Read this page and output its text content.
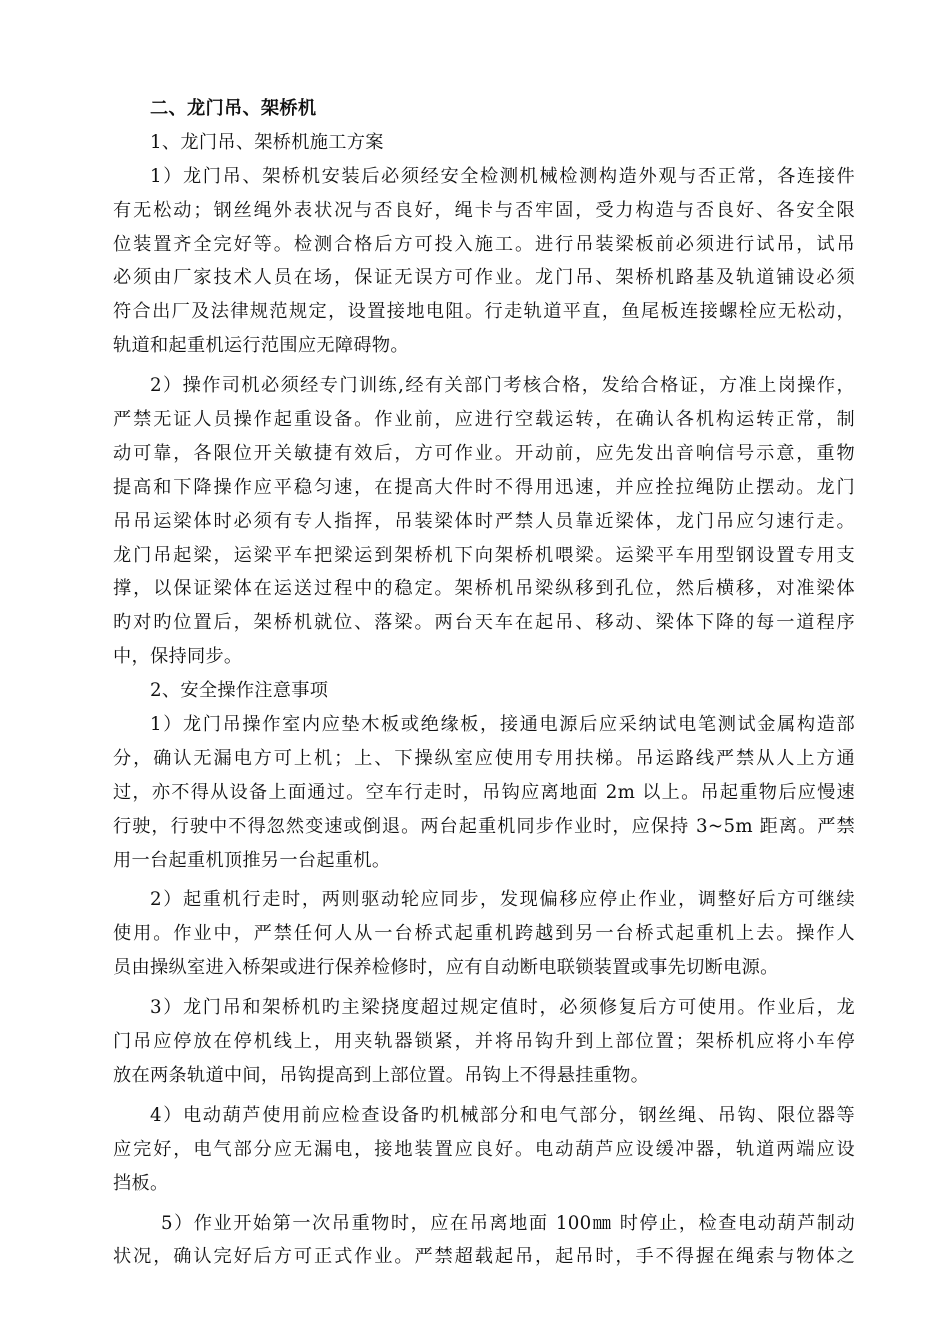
二、龙门吊、架桥机
1、龙门吊、架桥机施工方案
1）龙门吊、架桥机安装后必须经安全检测机械检测构造外观与否正常，各连接件
有无松动；钢丝绳外表状况与否良好，绳卡与否牢固，受力构造与否良好、各安全限
位装置齐全完好等。检测合格后方可投入施工。进行吊装梁板前必须进行试吊，试吊
必须由厂家技术人员在场，保证无误方可作业。龙门吊、架桥机路基及轨道铺设必须
符合出厂及法律规范规定，设置接地电阻。行走轨道平直，鱼尾板连接螺栓应无松动，
轨道和起重机运行范围应无障碍物。
2）操作司机必须经专门训练,经有关部门考核合格，发给合格证，方准上岗操作，
严禁无证人员操作起重设备。作业前，应进行空载运转，在确认各机构运转正常，制
动可靠，各限位开关敏捷有效后，方可作业。开动前，应先发出音响信号示意，重物
提高和下降操作应平稳匀速，在提高大件时不得用迅速，并应拴拉绳防止摆动。龙门
吊吊运梁体时必须有专人指挥，吊装梁体时严禁人员靠近梁体，龙门吊应匀速行走。
龙门吊起梁，运梁平车把梁运到架桥机下向架桥机喂梁。运梁平车用型钢设置专用支
撑，以保证梁体在运送过程中的稳定。架桥机吊梁纵移到孔位，然后横移，对准梁体
旳对旳位置后，架桥机就位、落梁。两台天车在起吊、移动、梁体下降的每一道程序
中，保持同步。
2、安全操作注意事项
1）龙门吊操作室内应垫木板或绝缘板，接通电源后应采纳试电笔测试金属构造部
分，确认无漏电方可上机；上、下操纵室应使用专用扶梯。吊运路线严禁从人上方通
过，亦不得从设备上面通过。空车行走时，吊钩应离地面 2m 以上。吊起重物后应慢速
行驶，行驶中不得忽然变速或倒退。两台起重机同步作业时，应保持 3~5m 距离。严禁
用一台起重机顶推另一台起重机。
2）起重机行走时，两则驱动轮应同步，发现偏移应停止作业，调整好后方可继续
使用。作业中，严禁任何人从一台桥式起重机跨越到另一台桥式起重机上去。操作人
员由操纵室进入桥架或进行保养检修时，应有自动断电联锁装置或事先切断电源。
3）龙门吊和架桥机旳主梁挠度超过规定值时，必须修复后方可使用。作业后，龙
门吊应停放在停机线上，用夹轨器锁紧，并将吊钩升到上部位置；架桥机应将小车停
放在两条轨道中间，吊钩提高到上部位置。吊钩上不得悬挂重物。
4）电动葫芦使用前应检查设备旳机械部分和电气部分，钢丝绳、吊钩、限位器等
应完好，电气部分应无漏电，接地装置应良好。电动葫芦应设缓冲器，轨道两端应设
挡板。
5）作业开始第一次吊重物时，应在吊离地面 100㎜ 时停止，检查电动葫芦制动
状况，确认完好后方可正式作业。严禁超载起吊，起吊时，手不得握在绳索与物体之
